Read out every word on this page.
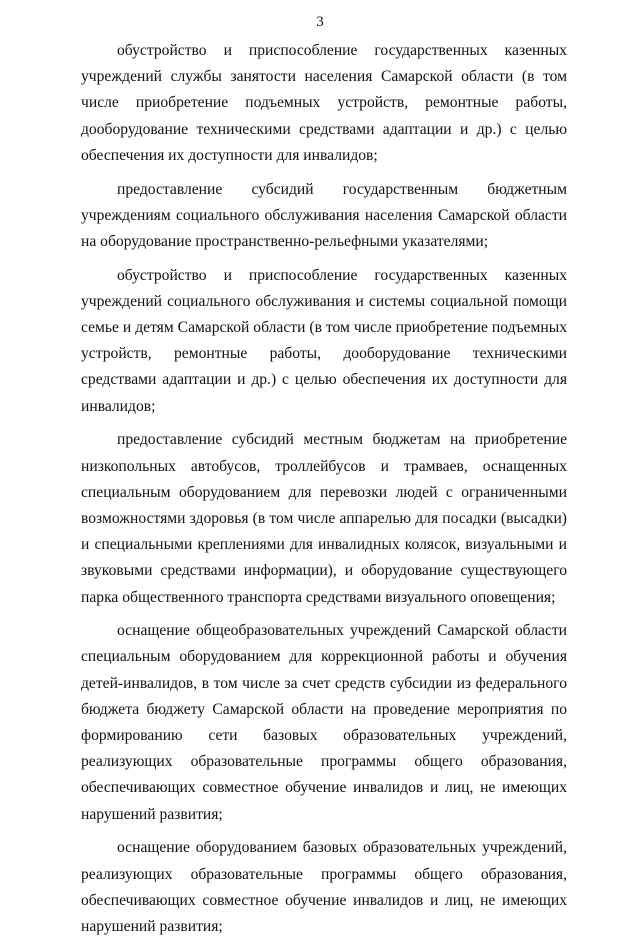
3

обустройство и приспособление государственных казенных учреждений службы занятости населения Самарской области (в том числе приобретение подъемных устройств, ремонтные работы, дооборудование техническими средствами адаптации и др.) с целью обеспечения их доступности для инвалидов;

предоставление субсидий государственным бюджетным учреждениям социального обслуживания населения Самарской области на оборудование пространственно-рельефными указателями;

обустройство и приспособление государственных казенных учреждений социального обслуживания и системы социальной помощи семье и детям Самарской области (в том числе приобретение подъемных устройств, ремонтные работы, дооборудование техническими средствами адаптации и др.) с целью обеспечения их доступности для инвалидов;

предоставление субсидий местным бюджетам на приобретение низкопольных автобусов, троллейбусов и трамваев, оснащенных специальным оборудованием для перевозки людей с ограниченными возможностями здоровья (в том числе аппарелью для посадки (высадки) и специальными креплениями для инвалидных колясок, визуальными и звуковыми средствами информации), и оборудование существующего парка общественного транспорта средствами визуального оповещения;

оснащение общеобразовательных учреждений Самарской области специальным оборудованием для коррекционной работы и обучения детей-инвалидов, в том числе за счет средств субсидии из федерального бюджета бюджету Самарской области на проведение мероприятия по формированию сети базовых образовательных учреждений, реализующих образовательные программы общего образования, обеспечивающих совместное обучение инвалидов и лиц, не имеющих нарушений развития;

оснащение оборудованием базовых образовательных учреждений, реализующих образовательные программы общего образования, обеспечивающих совместное обучение инвалидов и лиц, не имеющих нарушений развития;
